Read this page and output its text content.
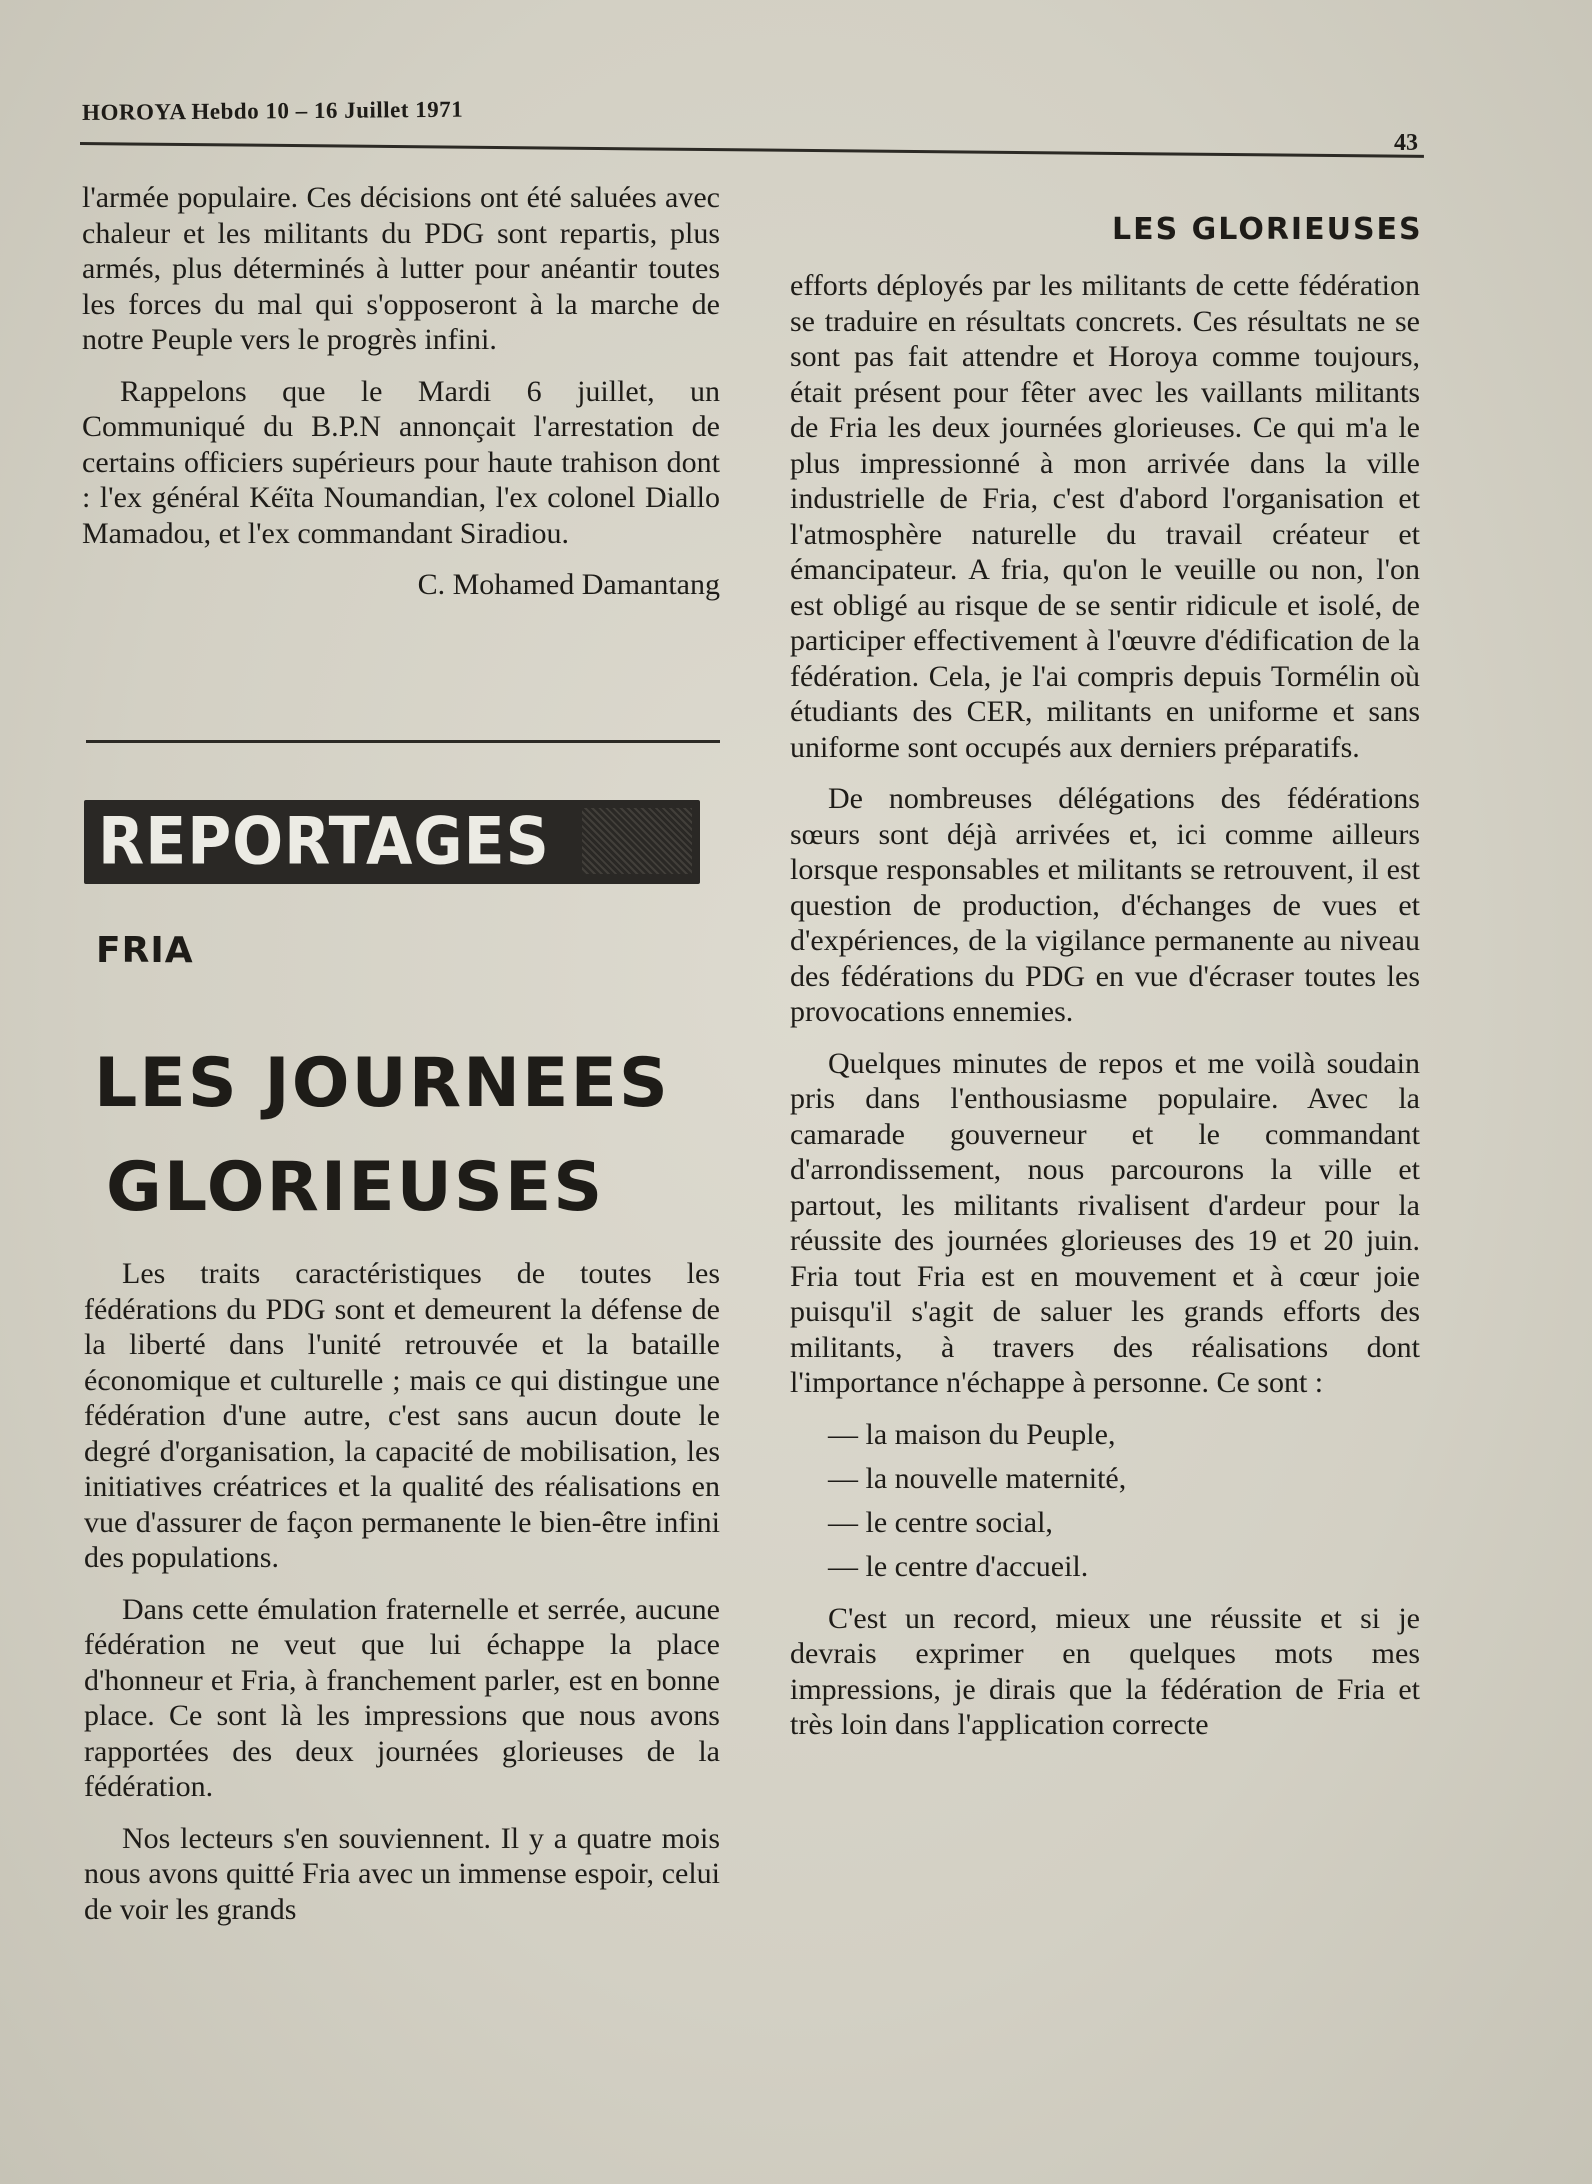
HOROYA Hebdo 10 – 16 Juillet 1971
43

l'armée populaire. Ces décisions ont été saluées avec chaleur et les militants du PDG sont repartis, plus armés, plus déterminés à lutter pour anéantir toutes les forces du mal qui s'opposeront à la marche de notre Peuple vers le progrès infini.

Rappelons que le Mardi 6 juillet, un Communiqué du B.P.N annonçait l'arrestation de certains officiers supérieurs pour haute trahison dont : l'ex général Kéïta Noumandian, l'ex colonel Diallo Mamadou, et l'ex commandant Siradiou.

C. Mohamed Damantang

REPORTAGES
FRIA
LES JOURNEES
GLORIEUSES

Les traits caractéristiques de toutes les fédérations du PDG sont et demeurent la défense de la liberté dans l'unité retrouvée et la bataille économique et culturelle ; mais ce qui distingue une fédération d'une autre, c'est sans aucun doute le degré d'organisation, la capacité de mobilisation, les initiatives créatrices et la qualité des réalisations en vue d'assurer de façon permanente le bien-être infini des populations.

Dans cette émulation fraternelle et serrée, aucune fédération ne veut que lui échappe la place d'honneur et Fria, à franchement parler, est en bonne place. Ce sont là les impressions que nous avons rapportées des deux journées glorieuses de la fédération.

Nos lecteurs s'en souviennent. Il y a quatre mois nous avons quitté Fria avec un immense espoir, celui de voir les grands

LES GLORIEUSES

efforts déployés par les militants de cette fédération se traduire en résultats concrets. Ces résultats ne se sont pas fait attendre et Horoya comme toujours, était présent pour fêter avec les vaillants militants de Fria les deux journées glorieuses. Ce qui m'a le plus impressionné à mon arrivée dans la ville industrielle de Fria, c'est d'abord l'organisation et l'atmosphère naturelle du travail créateur et émancipateur. A fria, qu'on le veuille ou non, l'on est obligé au risque de se sentir ridicule et isolé, de participer effectivement à l'œuvre d'édification de la fédération. Cela, je l'ai compris depuis Tormélin où étudiants des CER, militants en uniforme et sans uniforme sont occupés aux derniers préparatifs.

De nombreuses délégations des fédérations sœurs sont déjà arrivées et, ici comme ailleurs lorsque responsables et militants se retrouvent, il est question de production, d'échanges de vues et d'expériences, de la vigilance permanente au niveau des fédérations du PDG en vue d'écraser toutes les provocations ennemies.

Quelques minutes de repos et me voilà soudain pris dans l'enthousiasme populaire. Avec la camarade gouverneur et le commandant d'arrondissement, nous parcourons la ville et partout, les militants rivalisent d'ardeur pour la réussite des journées glorieuses des 19 et 20 juin. Fria tout Fria est en mouvement et à cœur joie puisqu'il s'agit de saluer les grands efforts des militants, à travers des réalisations dont l'importance n'échappe à personne. Ce sont :

— la maison du Peuple,
— la nouvelle maternité,
— le centre social,
— le centre d'accueil.

C'est un record, mieux une réussite et si je devrais exprimer en quelques mots mes impressions, je dirais que la fédération de Fria et très loin dans l'application correcte
